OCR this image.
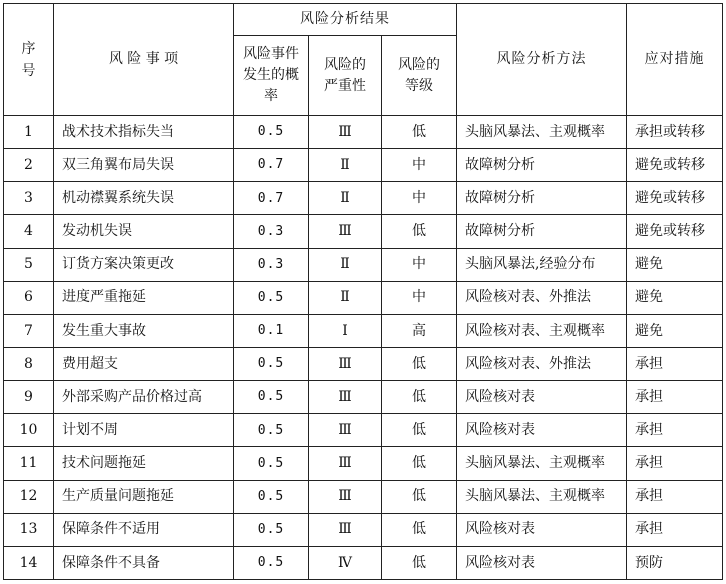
序号	风 险 事 项	风险分析结果			风险分析方法	应对措施
		风险事件发生的概率	风险的严重性	风险的等级		
1	战术技术指标失当	0.5	Ⅲ	低	头脑风暴法、主观概率	承担或转移
2	双三角翼布局失误	0.7	Ⅱ	中	故障树分析	避免或转移
3	机动襟翼系统失误	0.7	Ⅱ	中	故障树分析	避免或转移
4	发动机失误	0.3	Ⅲ	低	故障树分析	避免或转移
5	订货方案决策更改	0.3	Ⅱ	中	头脑风暴法,经验分布	避免
6	进度严重拖延	0.5	Ⅱ	中	风险核对表、外推法	避免
7	发生重大事故	0.1	Ⅰ	高	风险核对表、主观概率	避免
8	费用超支	0.5	Ⅲ	低	风险核对表、外推法	承担
9	外部采购产品价格过高	0.5	Ⅲ	低	风险核对表	承担
10	计划不周	0.5	Ⅲ	低	风险核对表	承担
11	技术问题拖延	0.5	Ⅲ	低	头脑风暴法、主观概率	承担
12	生产质量问题拖延	0.5	Ⅲ	低	头脑风暴法、主观概率	承担
13	保障条件不适用	0.5	Ⅲ	低	风险核对表	承担
14	保障条件不具备	0.5	Ⅳ	低	风险核对表	预防
